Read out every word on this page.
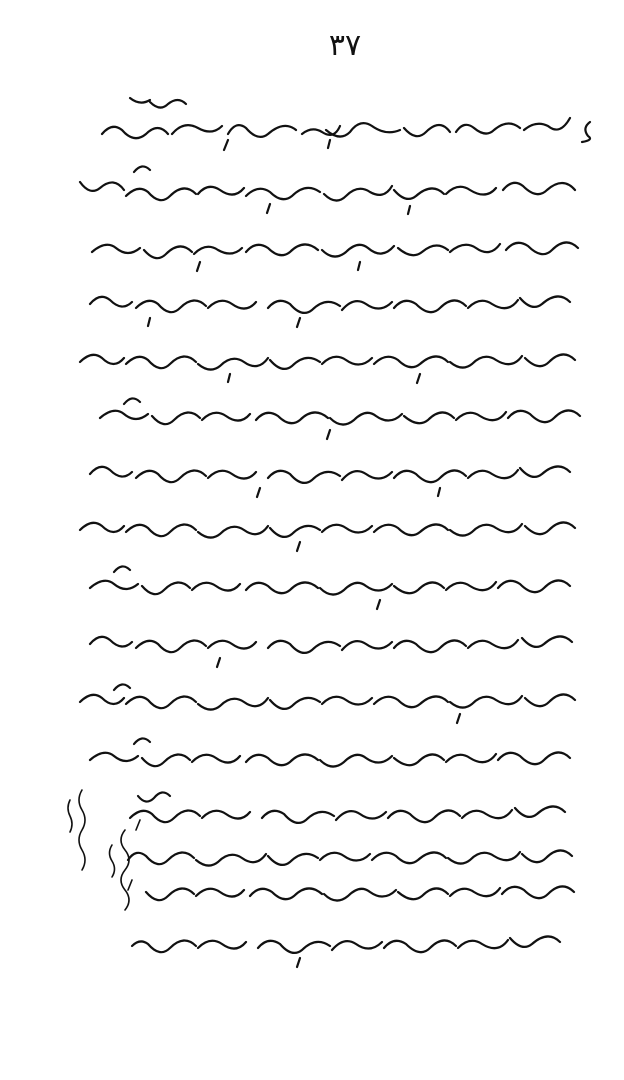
۳۷
